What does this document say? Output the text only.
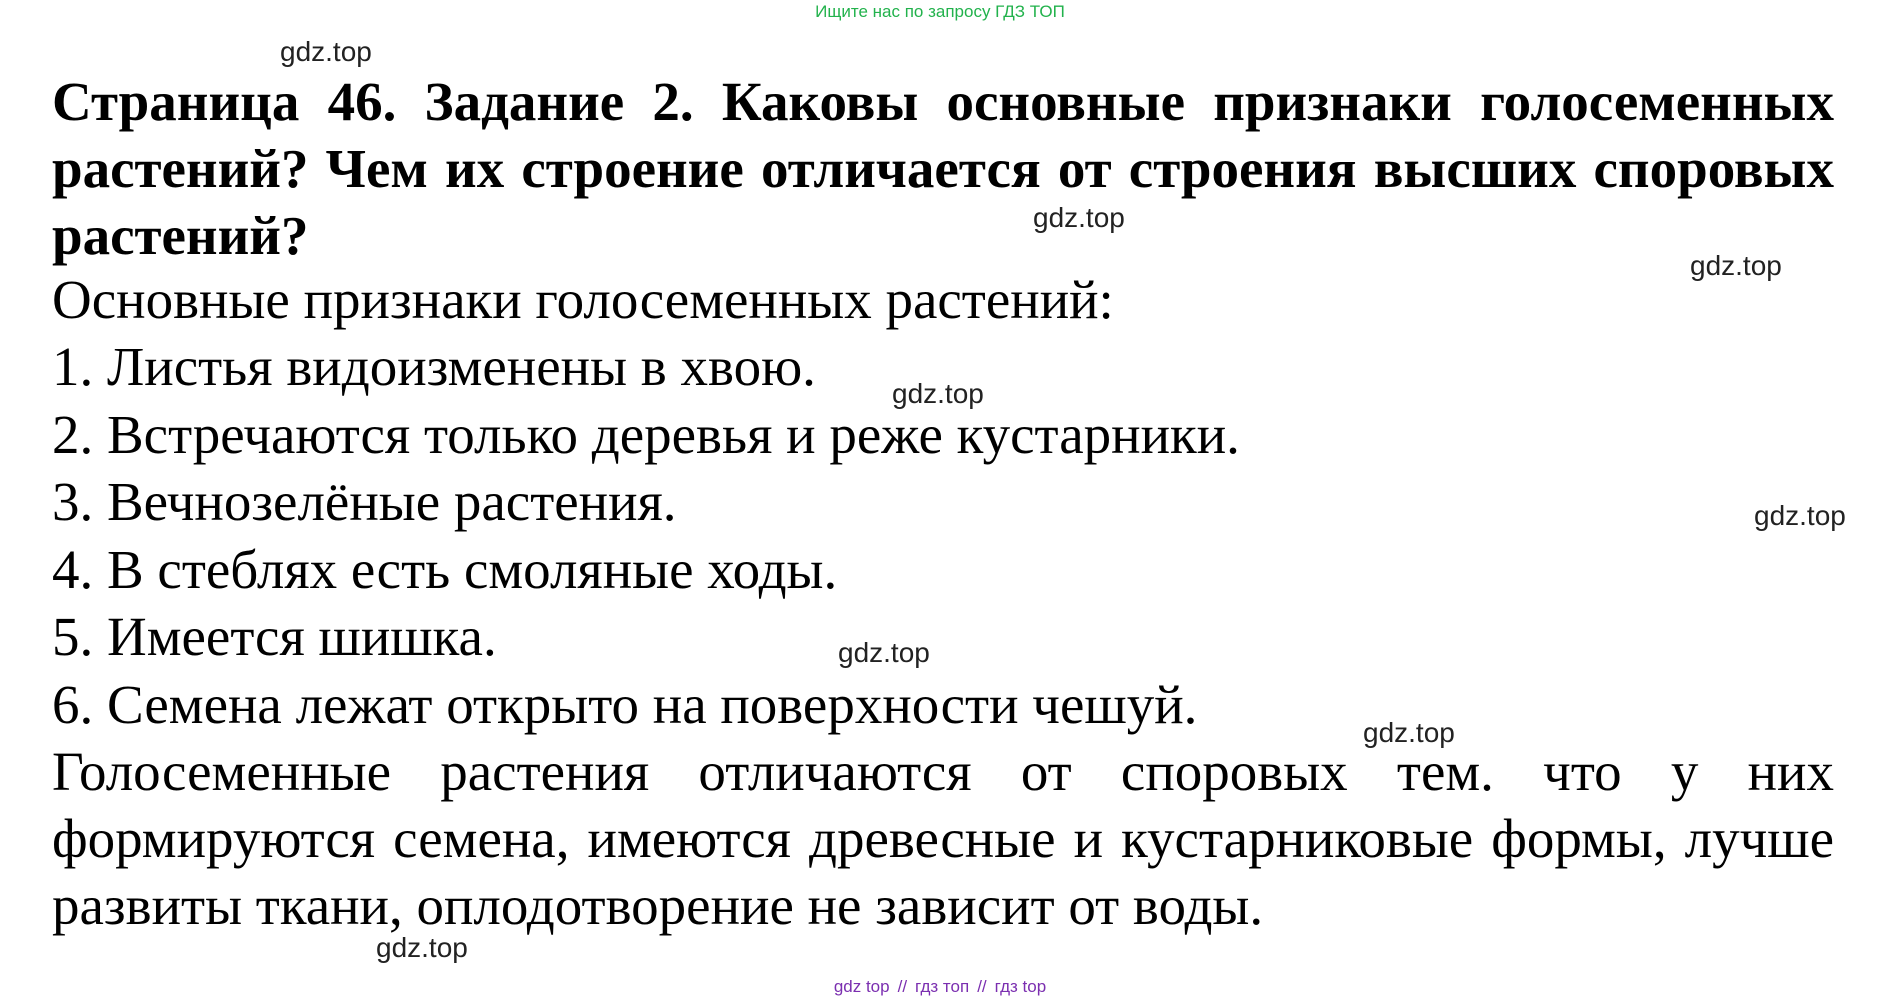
Ищите нас по запросу ГДЗ ТОП

Страница 46. Задание 2. Каковы основные признаки голосеменных растений? Чем их строение отличается от строения высших споровых растений?

Основные признаки голосеменных растений:

1. Листья видоизменены в хвою.
2. Встречаются только деревья и реже кустарники.
3. Вечнозелёные растения.
4. В стеблях есть смоляные ходы.
5. Имеется шишка.
6. Семена лежат открыто на поверхности чешуй.

Голосеменные растения отличаются от споровых тем. что у них формируются семена, имеются древесные и кустарниковые формы, лучше развиты ткани, оплодотворение не зависит от воды.

gdz.top
gdz.top
gdz.top
gdz.top
gdz.top
gdz.top
gdz.top
gdz.top
gdz top // гдз топ // гдз top
